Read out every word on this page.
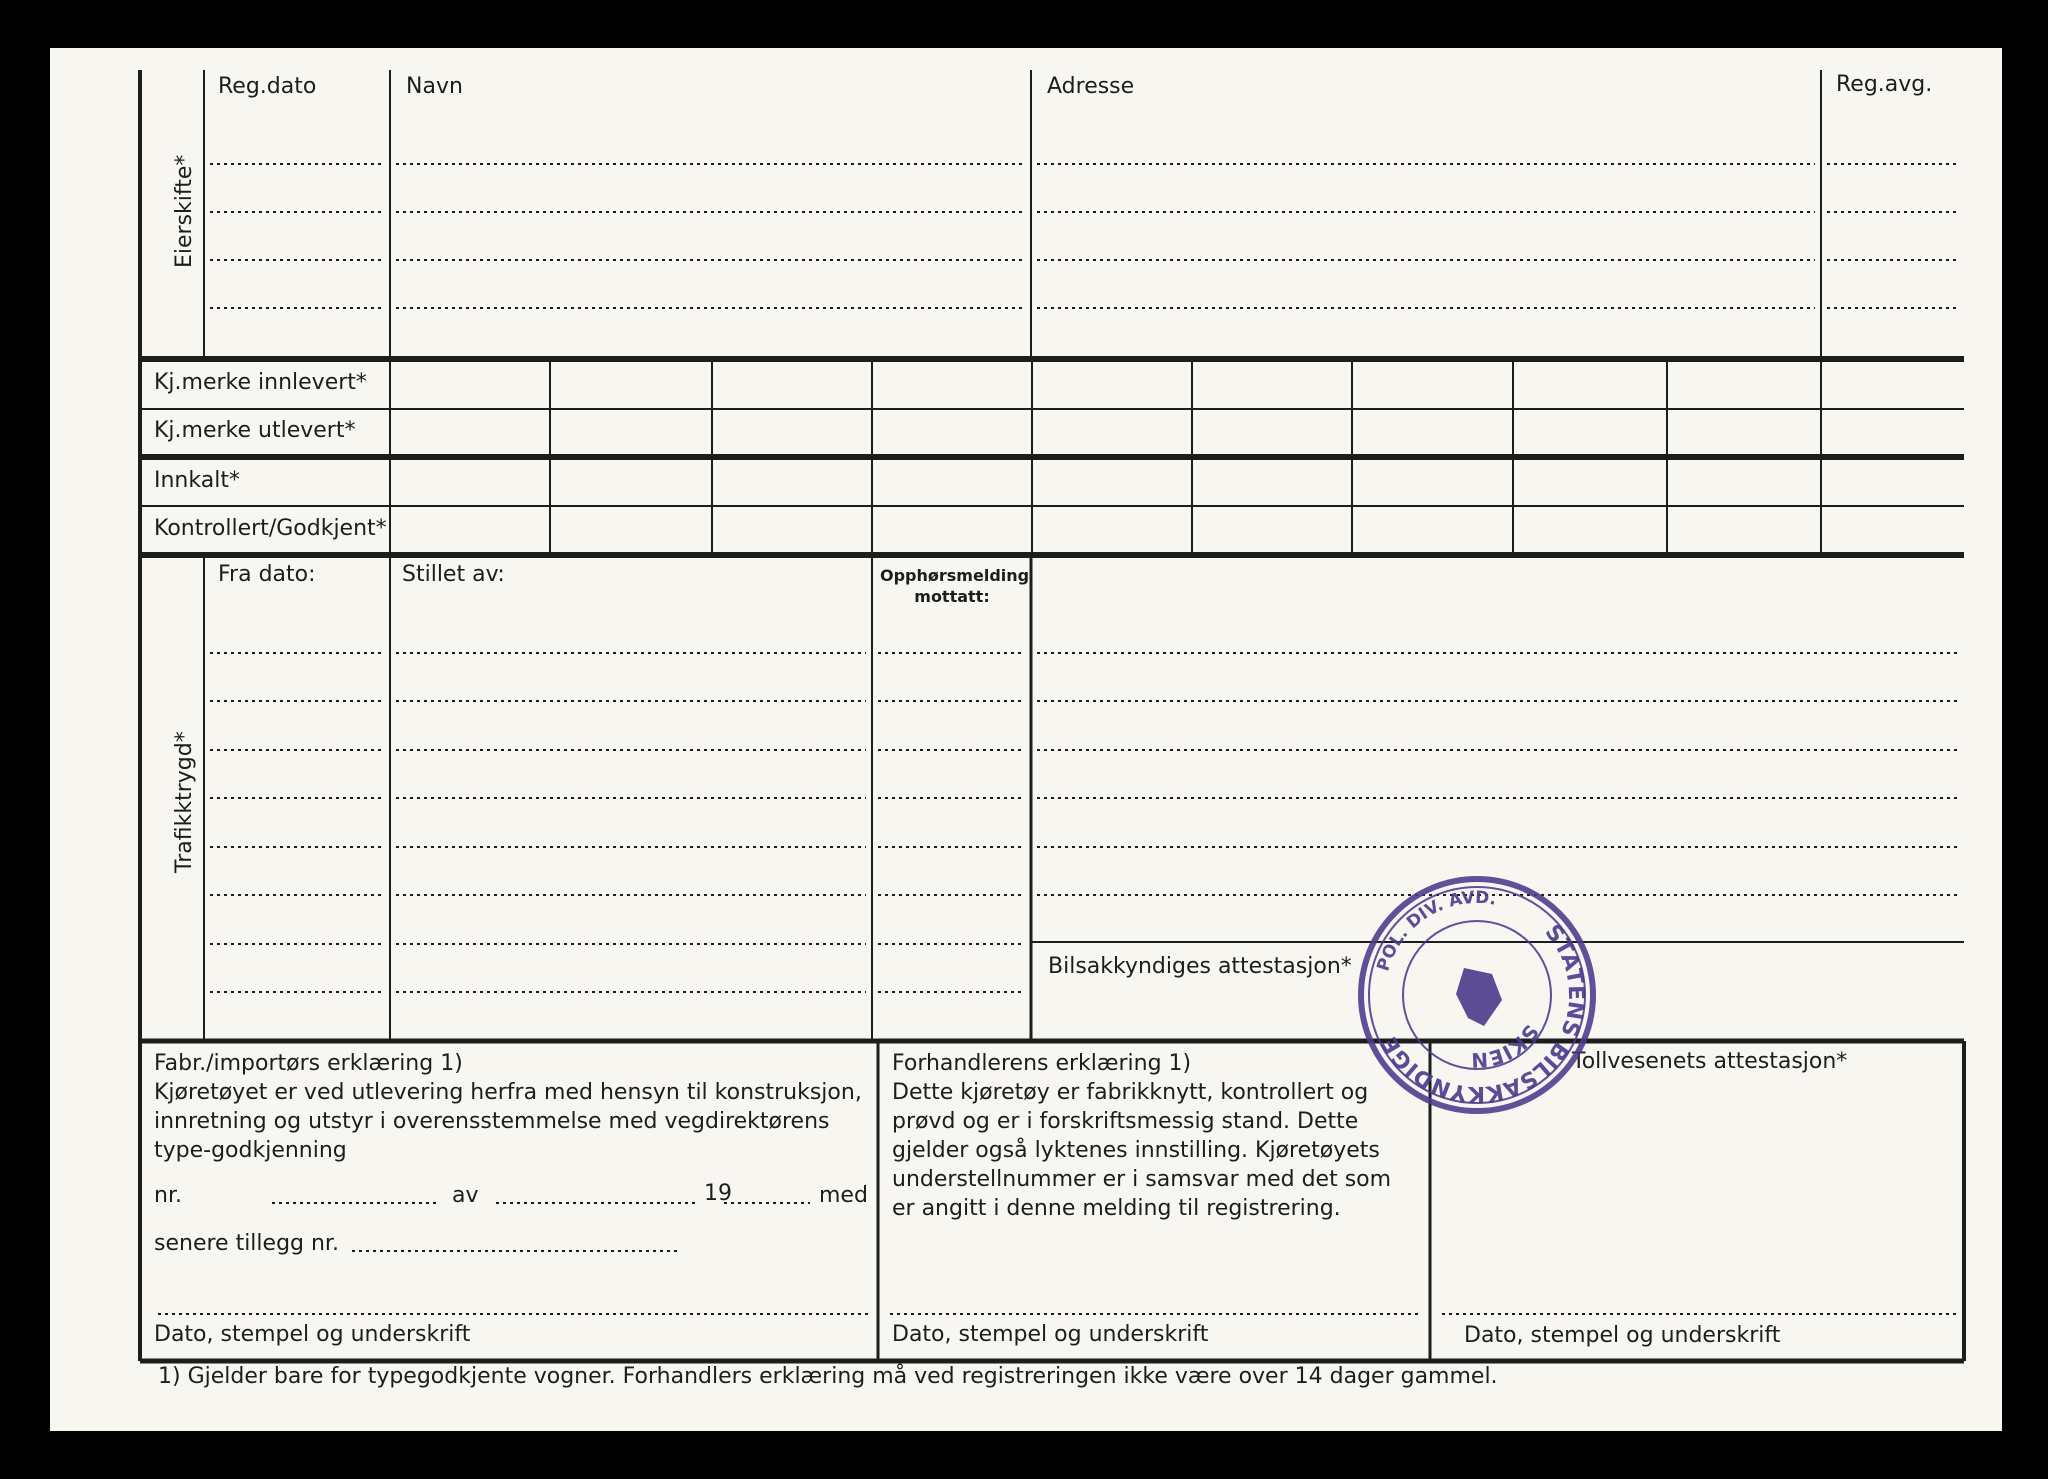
Eierskifte*
Reg.dato	Navn	Adresse	Reg.avg.
Kj.merke innlevert*
Kj.merke utlevert*
Innkalt*
Kontrollert/Godkjent*
Trafikktrygd*
Fra dato:	Stillet av:	Opphørsmelding mottatt:
Bilsakkyndiges attestasjon*
Fabr./importørs erklæring 1)
Kjøretøyet er ved utlevering herfra med hensyn til konstruksjon, innretning og utstyr i overensstemmelse med vegdirektørens type-godkjenning
nr.	av	19	med
senere tillegg nr.
Dato, stempel og underskrift
Forhandlerens erklæring 1)
Dette kjøretøy er fabrikknytt, kontrollert og prøvd og er i forskriftsmessig stand. Dette gjelder også lyktenes innstilling. Kjøretøyets understellnummer er i samsvar med det som er angitt i denne melding til registrering.
Dato, stempel og underskrift
Tollvesenets attestasjon*
Dato, stempel og underskrift
1) Gjelder bare for typegodkjente vogner. Forhandlers erklæring må ved registreringen ikke være over 14 dager gammel.
STATENS BILSAKKYNDIGE
POL. DIV. AVD.
SKIEN
